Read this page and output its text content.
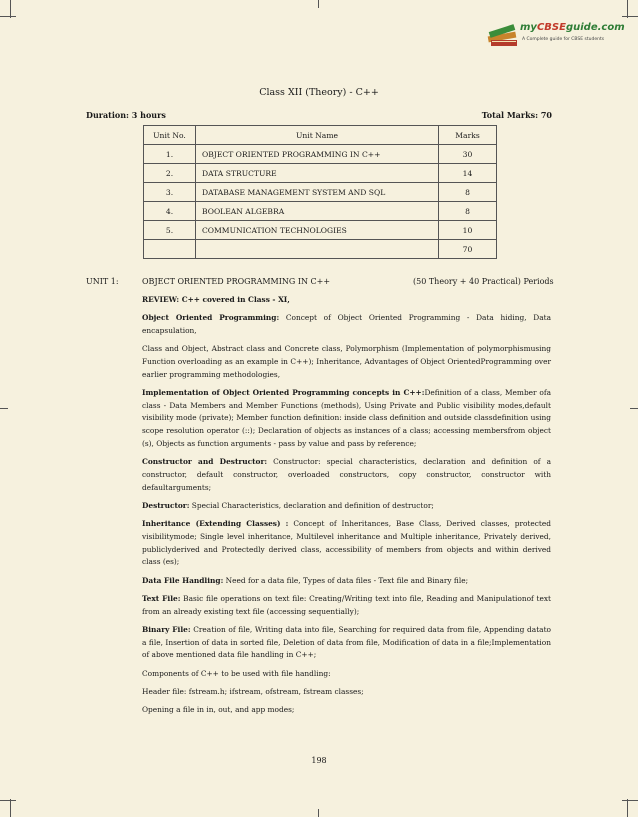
myCBSEguide.com
A Complete guide for CBSE students
Class XII (Theory) - C++
Duration: 3 hours	Total Marks: 70
Unit No.	Unit Name	Marks
1.	OBJECT ORIENTED PROGRAMMING IN C++	30
2.	DATA STRUCTURE	14
3.	DATABASE MANAGEMENT SYSTEM AND SQL	8
4.	BOOLEAN ALGEBRA	8
5.	COMMUNICATION TECHNOLOGIES	10
		70
UNIT 1:	OBJECT ORIENTED PROGRAMMING IN C++	(50 Theory + 40 Practical) Periods

REVIEW: C++ covered in Class - XI,

Object Oriented Programming: Concept of Object Oriented Programming - Data hiding, Data encapsulation,

Class and Object, Abstract class and Concrete class, Polymorphism (Implementation of polymorphismusing Function overloading as an example in C++); Inheritance, Advantages of Object OrientedProgramming over earlier programming methodologies,

Implementation of Object Oriented Programming concepts in C++:Definition of a class, Member ofa class - Data Members and Member Functions (methods), Using Private and Public visibility modes,default visibility mode (private); Member function definition: inside class definition and outside classdefinition using scope resolution operator (::); Declaration of objects as instances of a class; accessing membersfrom object (s), Objects as function arguments - pass by value and pass by reference;

Constructor and Destructor: Constructor: special characteristics, declaration and definition of a constructor, default constructor, overloaded constructors, copy constructor, constructor with defaultarguments;

Destructor: Special Characteristics, declaration and definition of destructor;

Inheritance (Extending Classes) : Concept of Inheritances, Base Class, Derived classes, protected visibilitymode; Single level inheritance, Multilevel inheritance and Multiple inheritance, Privately derived, publiclyderived and Protectedly derived class, accessibility of members from objects and within derived class (es);

Data File Handling: Need for a data file, Types of data files - Text file and Binary file;

Text File: Basic file operations on text file: Creating/Writing text into file, Reading and Manipulationof text from an already existing text file (accessing sequentially);

Binary File: Creation of file, Writing data into file, Searching for required data from file, Appending datato a file, Insertion of data in sorted file, Deletion of data from file, Modification of data in a file;Implementation of above mentioned data file handling in C++;

Components of C++ to be used with file handling:

Header file: fstream.h; ifstream, ofstream, fstream classes;

Opening a file in in, out, and app modes;

198
